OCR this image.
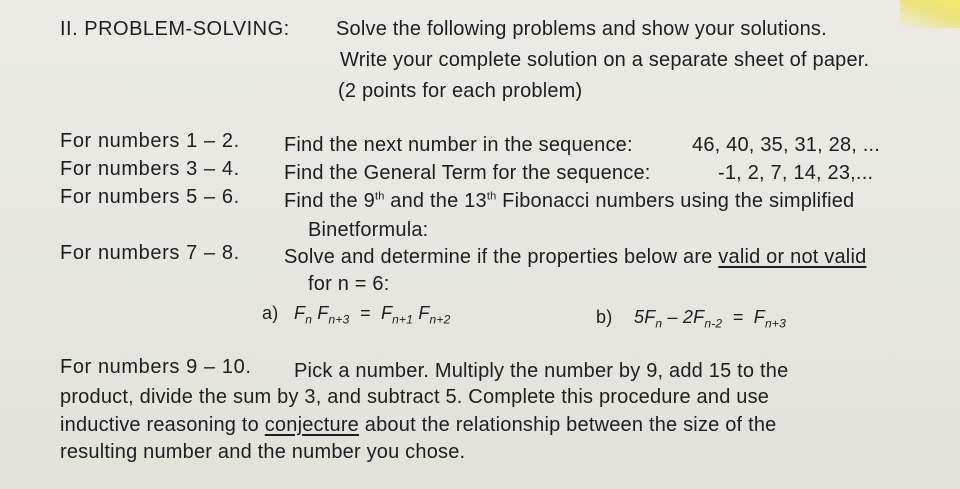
II. PROBLEM-SOLVING: Solve the following problems and show your solutions.
Write your complete solution on a separate sheet of paper.
(2 points for each problem)
For numbers 1 – 2. Find the next number in the sequence:	46, 40, 35, 31, 28, ...
For numbers 3 – 4. Find the General Term for the sequence:	-1, 2, 7, 14, 23,...
For numbers 5 – 6. Find the 9th and the 13th Fibonacci numbers using the simplified
Binetformula:
For numbers 7 – 8. Solve and determine if the properties below are valid or not valid
for n = 6:
a) $F_n$ $F_{n+3} = F_{n+1}$ $F_{n+2}$	b) $5F_n - 2F_{n-2} = F_{n+3}$
For numbers 9 – 10. Pick a number. Multiply the number by 9, add 15 to the
product, divide the sum by 3, and subtract 5. Complete this procedure and use
inductive reasoning to conjecture about the relationship between the size of the
resulting number and the number you chose.
